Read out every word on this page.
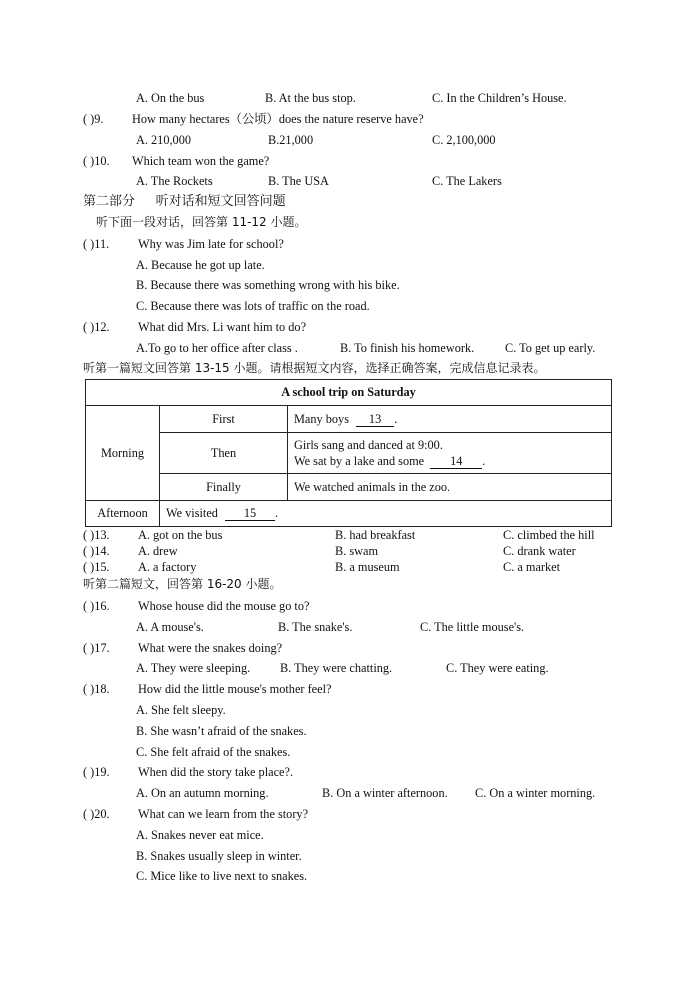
A. On the bus	B. At the bus stop.	C. In the Children’s House.
( )9. How many hectares（公顷）does the nature reserve have?
A. 210,000	B.21,000	C. 2,100,000
( )10. Which team won the game?
A. The Rockets	B. The USA	C. The Lakers
第二部分     听对话和短文回答问题
听下面一段对话，回答第 11-12 小题。
( )11. Why was Jim late for school?
A. Because he got up late.
B. Because there was something wrong with his bike.
C. Because there was lots of traffic on the road.
( )12. What did Mrs. Li want him to do?
A.To go to her office after class .	B. To finish his homework.	C. To get up early.
听第一篇短文回答第 13-15 小题。请根据短文内容，选择正确答案，完成信息记录表。
A school trip on Saturday		
Morning	First	Many boys 13 .
	Then	Girls sang and danced at 9:00.
We sat by a lake and some 14 .

	Finally	We watched animals in the zoo.
Afternoon	We visited 15 .	
( )13. A. got on the bus	B. had breakfast	C. climbed the hill
( )14. A. drew	B. swam	C. drank water
( )15. A. a factory	B. a museum	C. a market
听第二篇短文，回答第 16-20 小题。
( )16. Whose house did the mouse go to?
A. A mouse's.	B. The snake's.	C. The little mouse's.
( )17. What were the snakes doing?
A. They were sleeping. B. They were chatting.	C. They were eating.
( )18. How did the little mouse's mother feel?
A. She felt sleepy.
B. She wasn’t afraid of the snakes.
C. She felt afraid of the snakes.
( )19. When did the story take place?.
A. On an autumn morning.	B. On a winter afternoon. C. On a winter morning.
( )20. What can we learn from the story?
A. Snakes never eat mice.
B. Snakes usually sleep in winter.
C. Mice like to live next to snakes.
